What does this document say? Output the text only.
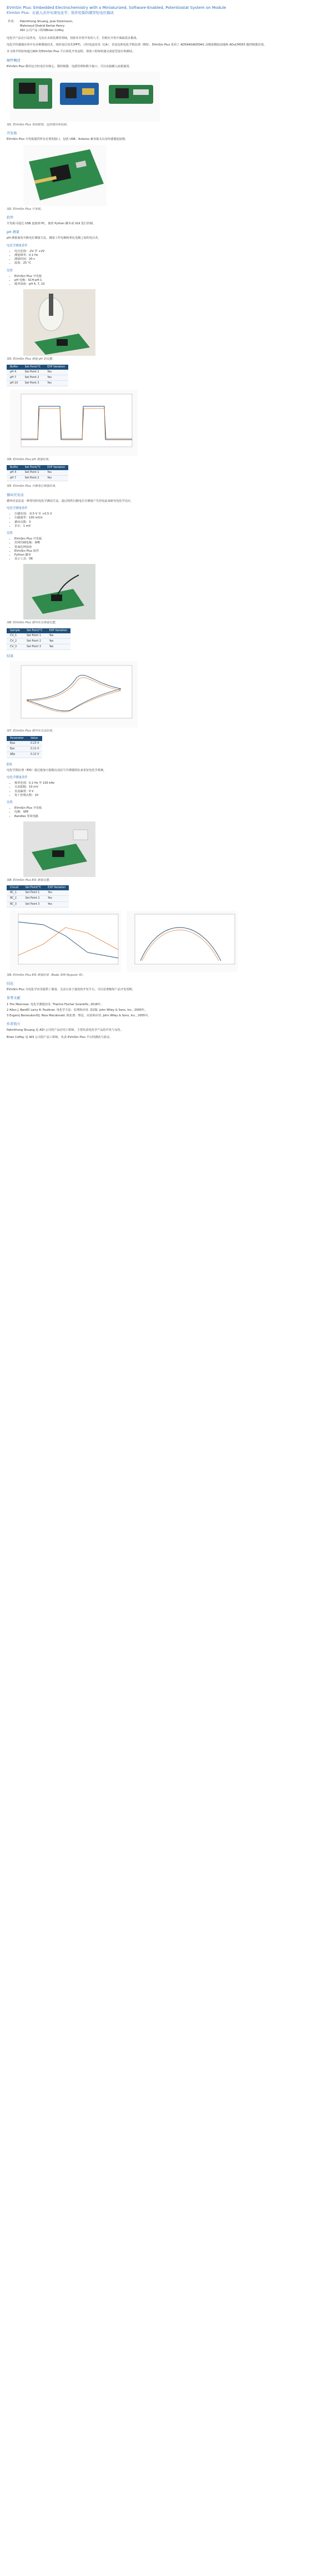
EVmSin Plus: Embedded Electrochemistry with a Miniaturized, Software-Enabled, Potentiostat System on Module
EVmSin Plus：在嵌入式中实现电化学，软件控制的微型恒电位模块
作者： Pakmthong Shuang, Jose Stoinmann,
Mahmoud Shahid Kerloe Henry
ADI 公司产品工程师Brian Coffey

电化学产品在日益普及。尤其在水质监测等领域，但除非非常开发的人才，否则在开发中面临很多挑战。

电化学传感器应用中有多种测量技术，如恒电位技术(PPT)、计时电流技术（CA）、伏安法和电化学阻抗谱（EIS）。EVmSin Plus 采用了 AD5940/AD5941 高精度模拟前端和 ADuCM355 微控制器实现。

本文将介绍如何通过ADI 的EVmSin Plus 平台简化开发流程，帮助工程师快速完成原型设计和测试。

硬件概述

EVmSin Plus 模块包含恒电位仪核心、微控制器、电源管理和数字接口，可以直接插入底板使用。

图1. EVmSin Plus 系统框图，包括模块和底板。
开发板

EVmSin Plus 开发板提供所有必要的接口，包括 USB、Arduino 兼容接头以及传感器连接器。

图2. EVmSin Plus 开发板。
软件

开发板可通过 USB 连接到 PC，使用 Python 脚本或 GUI 进行控制。

pH 测量

pH 测量使用开路电位测量方法，测量工作电极和参比电极之间的电压差。

电化学测量条件
• 电压范围：-2V 至 +2V
• 测量频率：0.1 Hz
• 测量时间：20 s
• 温度：25 °C
设置
• EVmSin Plus 开发板
• pH 电极：SCH-pH-1
• 缓冲溶液：pH 4, 7, 10
图3. EVmSin Plus 测量 pH 的设置。
Buffer	Set Point/°C	EXP Variation
pH 4	Set Point 1	Yes
pH 7	Set Point 2	Yes
pH 10	Set Point 3	Yes
图4. EVmSin Plus pH 测量结果。
Buffer	Set Point/°C	EXP Variation
pH 4	Set Point 1	Yes
pH 7	Set Point 2	Yes
图5. EVmSin Plus 开路电位测量结果。
循环伏安法

循环伏安法是一种常用的电化学测试方法，通过线性扫描电位并测量产生的电流来研究电化学反应。

电化学测量条件
• 扫描范围：-0.5 V 至 +0.5 V
• 扫描速率：100 mV/s
• 循环次数：3
• 步长：1 mV
设置
• EVmSin Plus 开发板
• 丝网印刷电极：SPE
• 铁氰化钾溶液
• EVmSin Plus 软件
• Python 脚本
• 显示工具：OK
图6. EVmSin Plus 循环伏安测量设置。
Sample	Set Point/°C	EXP Variation
CV_1	Set Point 1	Yes
CV_2	Set Point 2	Yes
CV_3	Set Point 3	Yes
结果
图7. EVmSin Plus 循环伏安法结果。
Parameter	Value
Epa	0.23 V
Epc	0.11 V
ΔEp	0.12 V
EIS

电化学阻抗谱（EIS）通过施加小振幅交流信号并测量阻抗来表征电化学系统。

电化学测量条件
• 频率范围：0.1 Hz 至 100 kHz
• 交流振幅：10 mV
• 直流偏置：0 V
• 每十倍频点数：10
设置
• EVmSin Plus 开发板
• 电极：SPE
• Randles 等效电路
图8. EVmSin Plus EIS 测量设置。
Circuit	Set Point/°C	EXP Variation
RC_1	Set Point 1	Yes
RC_2	Set Point 2	Yes
RC_3	Set Point 3	Yes
图9. EVmSin Plus EIS 测量结果（Bode 图和 Nyquist 图）。
结论

EVmSin Plus 为电化学应用提供了紧凑、灵活且易于使用的开发平台，可以显著缩短产品开发周期。

参考文献
1 Tim Meinrose. 电化学测量技术. Thermo Fischer Scientific, 2018年。
2 Allen J. Bard和 Larry R. Faulkner. 电化学方法：原理和应用. 第2版. John Wiley & Sons, Inc., 2000年。
3 Evgenij Barsoukov和J. Ross Macdonald. 阻抗谱：理论、实验和应用. John Wiley & Sons, Inc., 2005年。
作者简介

Pakmthong Shuang 是 ADI 公司的产品应用工程师，主要负责电化学产品的开发与支持。

Brian Coffey 是 ADI 公司的产品工程师，负责 EVmSin Plus 平台的测试与验证。
